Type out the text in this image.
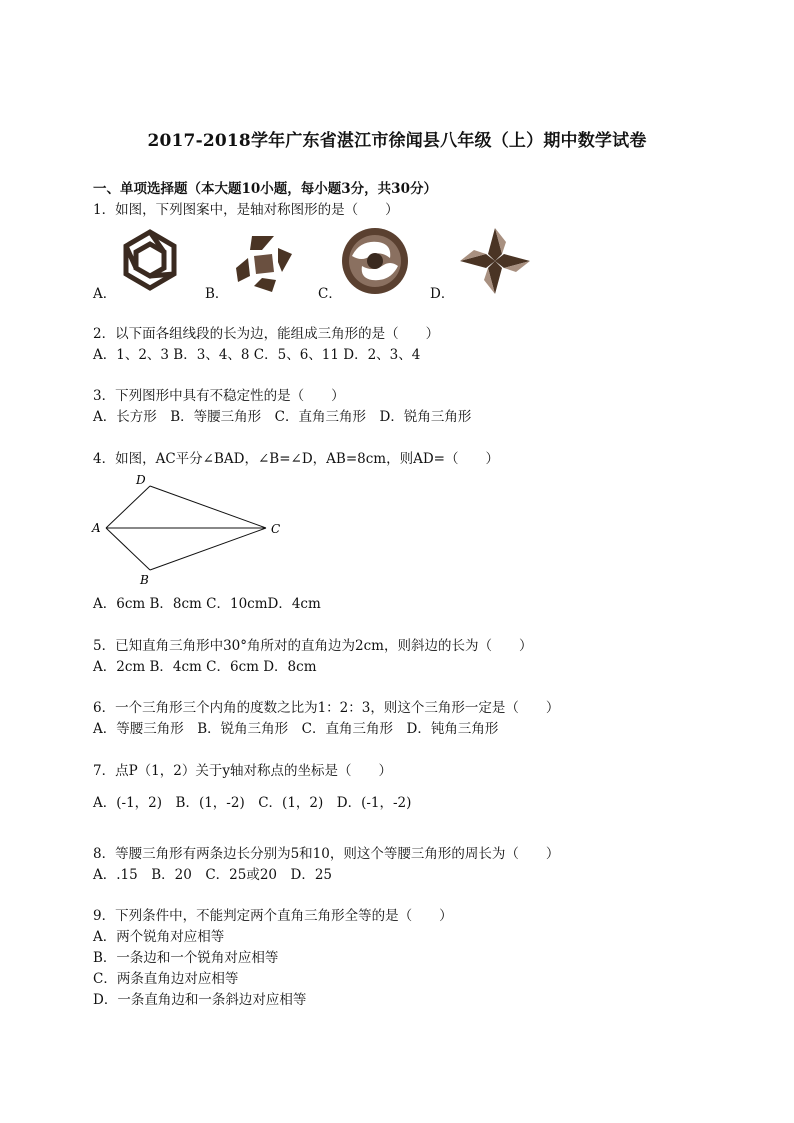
2017-2018学年广东省湛江市徐闻县八年级（上）期中数学试卷
一、单项选择题（本大题10小题，每小题3分，共30分）
1．如图，下列图案中，是轴对称图形的是（　　）
A．	B．	C．	D．
2．以下面各组线段的长为边，能组成三角形的是（　　）
A．1、2、3 B．3、4、8 C．5、6、11 D．2、3、4
3．下列图形中具有不稳定性的是（　　）
A．长方形　B．等腰三角形　C．直角三角形　D．锐角三角形
4．如图，AC平分∠BAD，∠B=∠D，AB=8cm，则AD=（　　）
D
A	C
B
A．6cm B．8cm C．10cmD．4cm
5．已知直角三角形中30°角所对的直角边为2cm，则斜边的长为（　　）
A．2cm B．4cm C．6cm D．8cm
6．一个三角形三个内角的度数之比为1：2：3，则这个三角形一定是（　　）
A．等腰三角形　B．锐角三角形　C．直角三角形　D．钝角三角形
7．点P（1，2）关于y轴对称点的坐标是（　　）
A．(-1，2)　B．(1，-2)　C．(1，2)　D．(-1，-2)
8．等腰三角形有两条边长分别为5和10，则这个等腰三角形的周长为（　　）
A．.15　B．20　C．25或20　D．25
9．下列条件中，不能判定两个直角三角形全等的是（　　）
A．两个锐角对应相等
B．一条边和一个锐角对应相等
C．两条直角边对应相等
D．一条直角边和一条斜边对应相等
